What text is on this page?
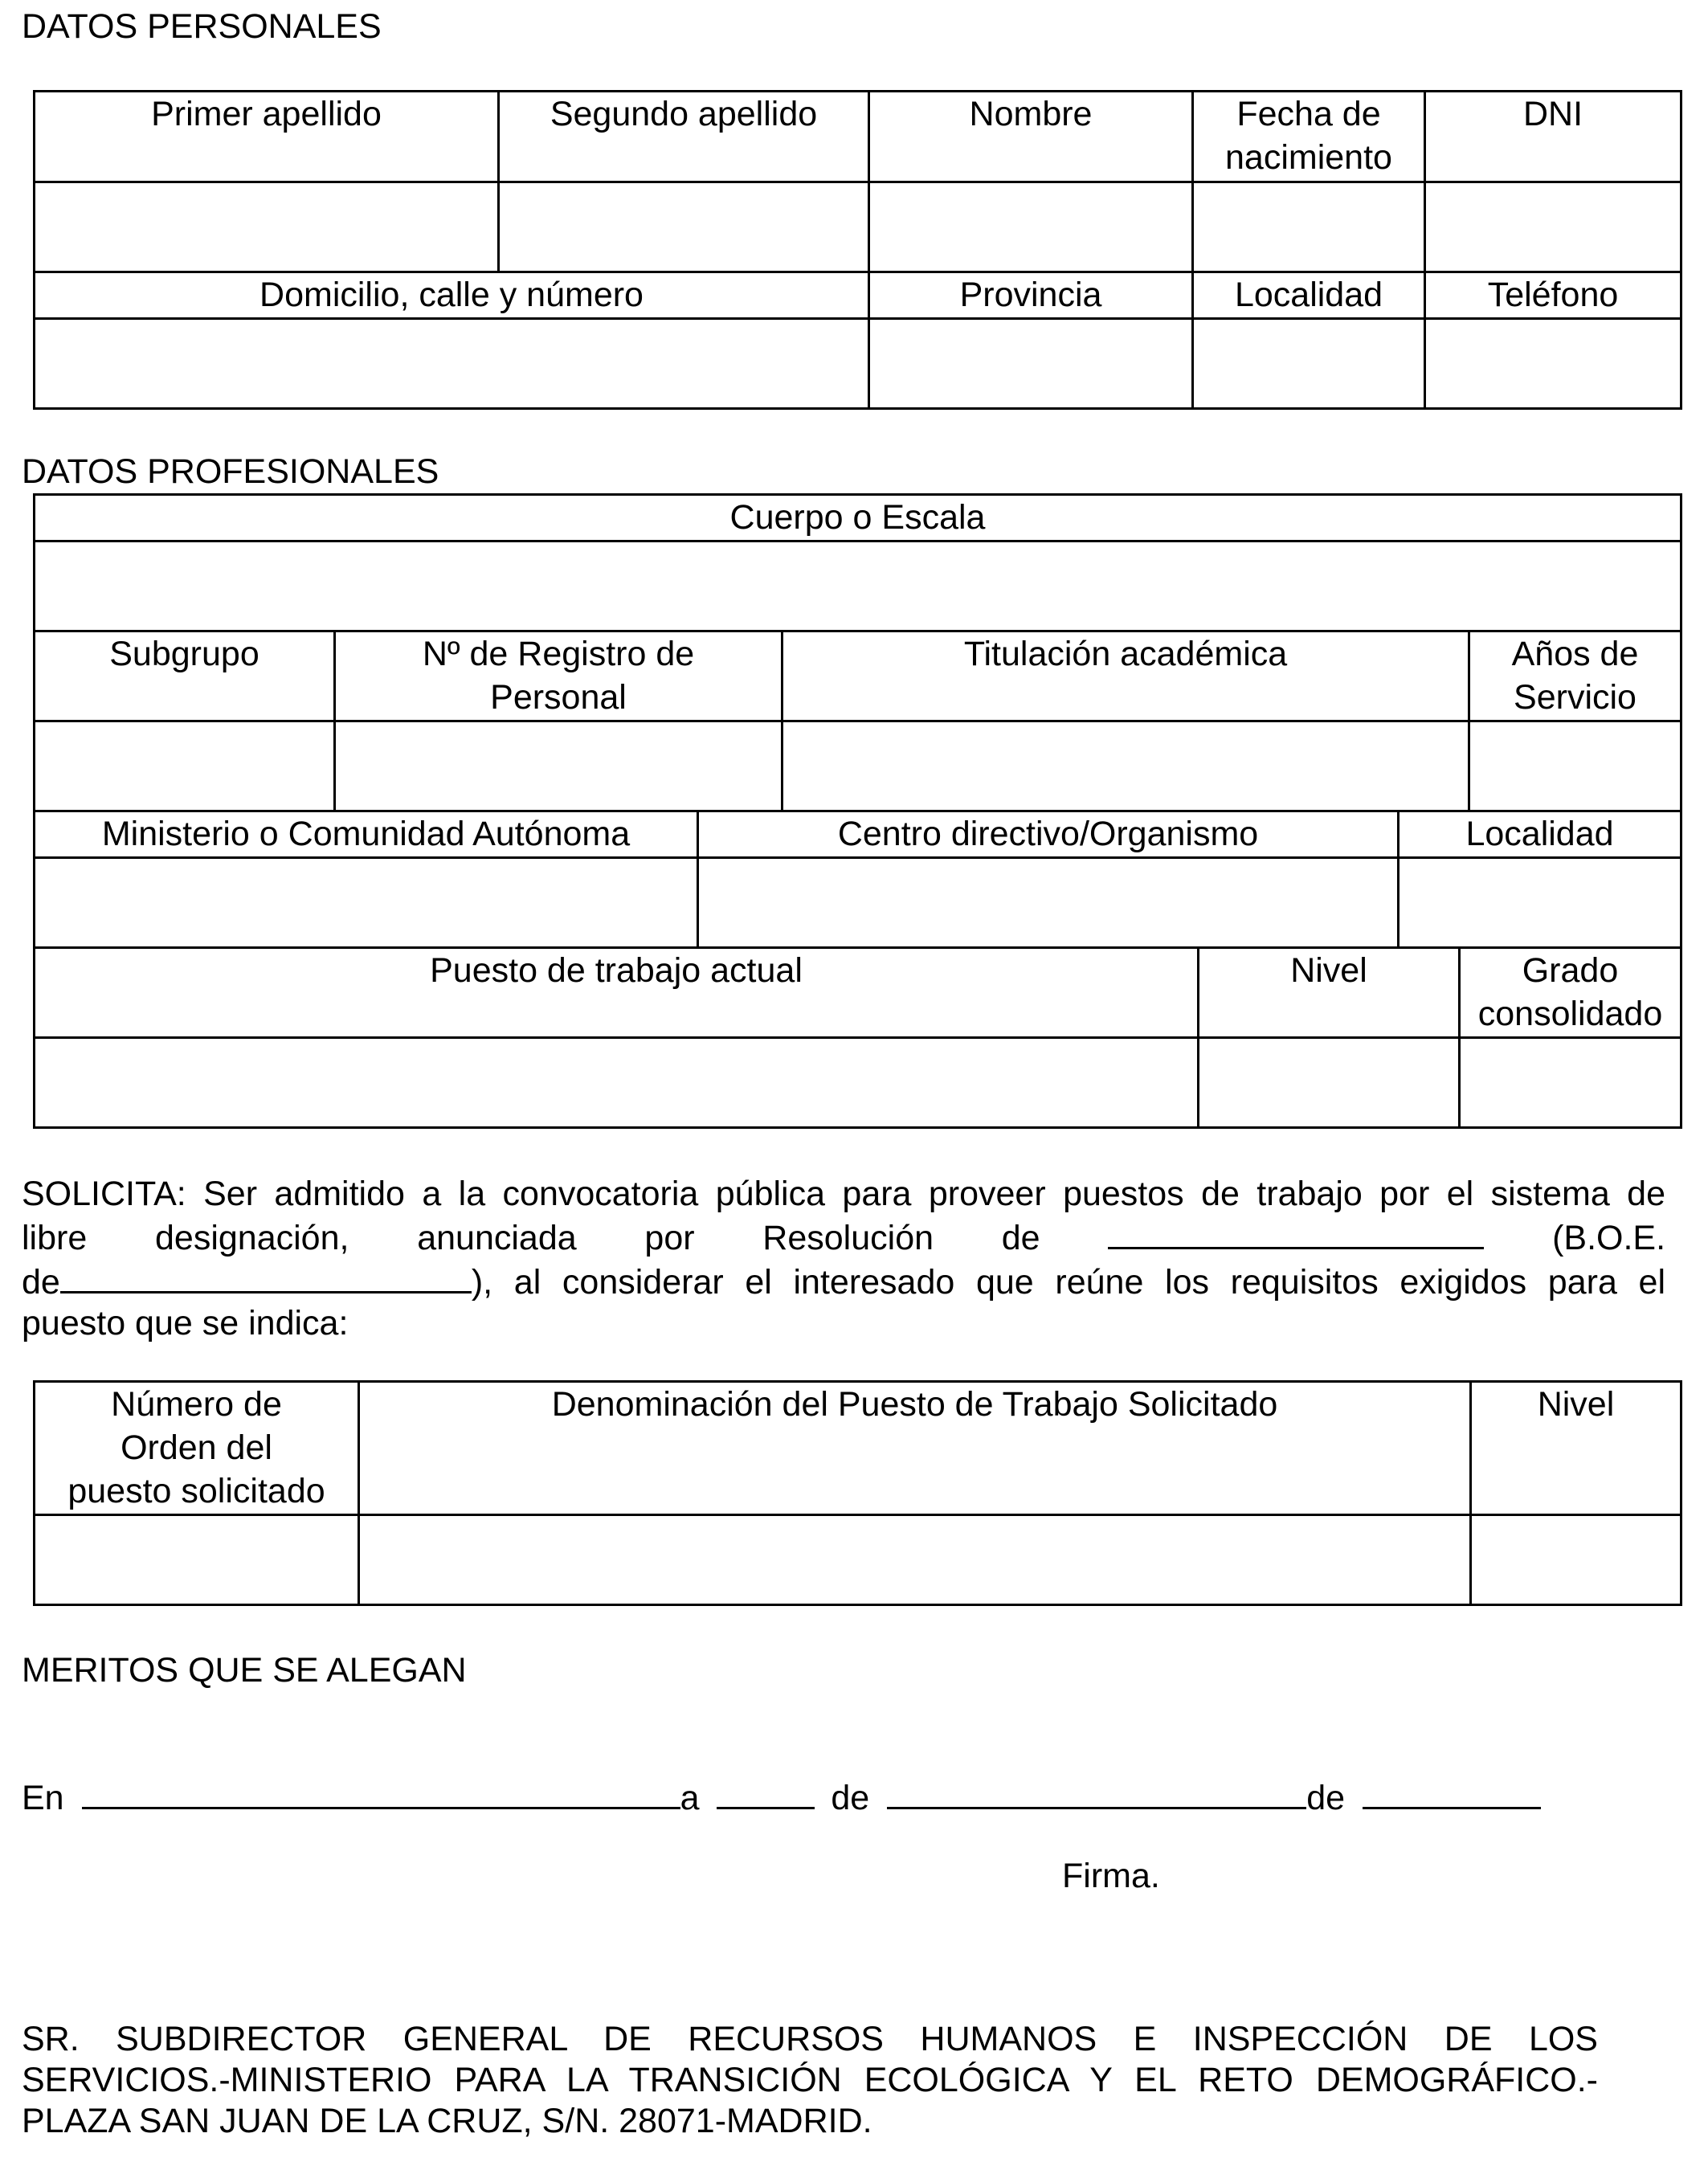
DATOS PERSONALES
Primer apellido	Segundo apellido	Nombre	Fecha de nacimiento	DNI

Domicilio, calle y número		Provincia	Localidad	Teléfono

DATOS PROFESIONALES
Cuerpo o Escala

Subgrupo	Nº de Registro de Personal	Titulación académica	Años de Servicio

Ministerio o Comunidad Autónoma	Centro directivo/Organismo	Localidad

Puesto de trabajo actual	Nivel	Grado consolidado

SOLICITA: Ser admitido a la convocatoria pública para proveer puestos de trabajo por el sistema de
libre designación, anunciada por Resolución de	(B.O.E.
de	), al considerar el interesado que reúne los requisitos exigidos para el
puesto que se indica:
Número de Orden del puesto solicitado	Denominación del Puesto de Trabajo Solicitado	Nivel

MERITOS QUE SE ALEGAN
En	a	de	de
Firma.
SR. SUBDIRECTOR GENERAL DE RECURSOS HUMANOS E INSPECCIÓN DE LOS
SERVICIOS.-MINISTERIO PARA LA TRANSICIÓN ECOLÓGICA Y EL RETO DEMOGRÁFICO.-
PLAZA SAN JUAN DE LA CRUZ, S/N. 28071-MADRID.
